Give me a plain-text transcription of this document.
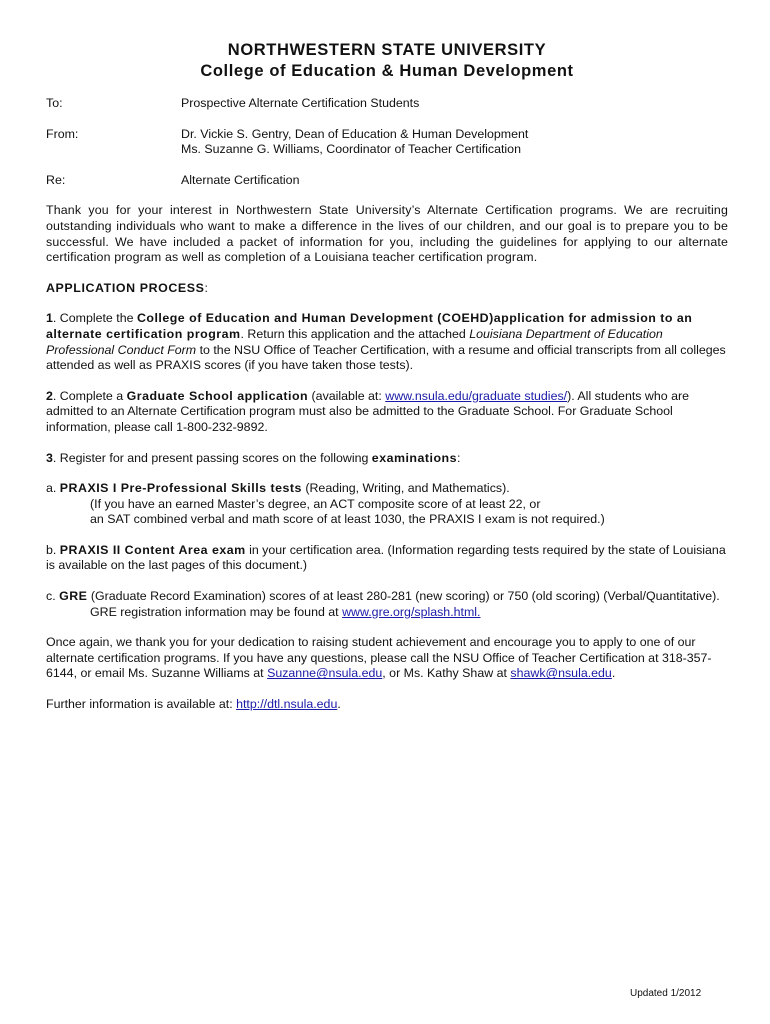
NORTHWESTERN STATE UNIVERSITY
College of Education & Human Development
To:	Prospective Alternate Certification Students
From:	Dr. Vickie S. Gentry, Dean of Education & Human Development
Ms. Suzanne G. Williams, Coordinator of Teacher Certification
Re:	Alternate Certification

Thank you for your interest in Northwestern State University’s Alternate Certification programs. We are recruiting outstanding individuals who want to make a difference in the lives of our children, and our goal is to prepare you to be successful. We have included a packet of information for you, including the guidelines for applying to our alternate certification program as well as completion of a Louisiana teacher certification program.

APPLICATION PROCESS:

1. Complete the College of Education and Human Development (COEHD)application for admission to an alternate certification program. Return this application and the attached Louisiana Department of Education Professional Conduct Form to the NSU Office of Teacher Certification, with a resume and official transcripts from all colleges attended as well as PRAXIS scores (if you have taken those tests).

2. Complete a Graduate School application (available at: www.nsula.edu/graduate studies/). All students who are admitted to an Alternate Certification program must also be admitted to the Graduate School. For Graduate School information, please call 1-800-232-9892.

3. Register for and present passing scores on the following examinations:

a. PRAXIS I Pre-Professional Skills tests (Reading, Writing, and Mathematics).
(If you have an earned Master’s degree, an ACT composite score of at least 22, or
an SAT combined verbal and math score of at least 1030, the PRAXIS I exam is not required.)

b. PRAXIS II Content Area exam in your certification area. (Information regarding tests required by the state of Louisiana is available on the last pages of this document.)

c. GRE (Graduate Record Examination) scores of at least 280-281 (new scoring) or 750 (old scoring) (Verbal/Quantitative).
GRE registration information may be found at www.gre.org/splash.html.

Once again, we thank you for your dedication to raising student achievement and encourage you to apply to one of our alternate certification programs. If you have any questions, please call the NSU Office of Teacher Certification at 318-357-6144, or email Ms. Suzanne Williams at Suzanne@nsula.edu, or Ms. Kathy Shaw at shawk@nsula.edu.

Further information is available at: http://dtl.nsula.edu.

Updated 1/2012
